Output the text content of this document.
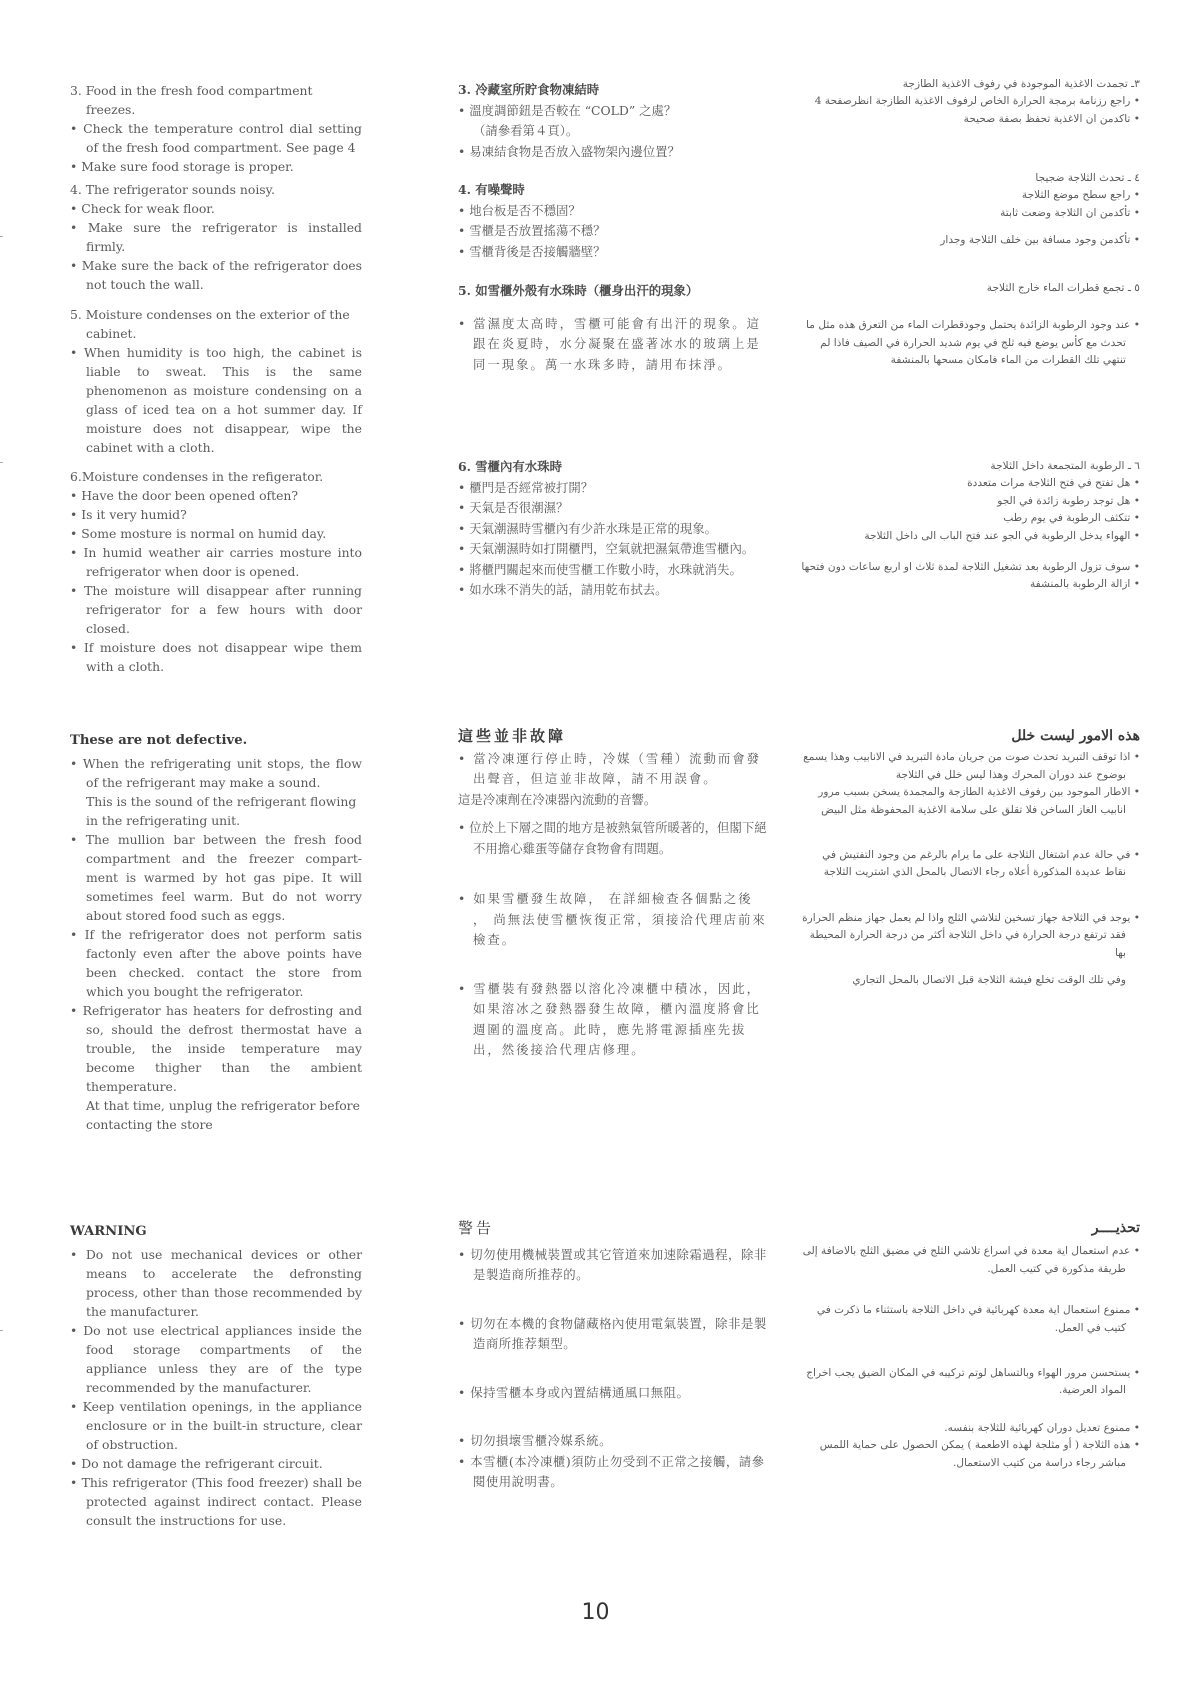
3. Food in the fresh food compartment freezes.

• Check the temperature control dial setting of the fresh food compartment. See page 4

• Make sure food storage is proper.

4. The refrigerator sounds noisy.

• Check for weak floor.

• Make sure the refrigerator is installed firmly.

• Make sure the back of the refrigerator does not touch the wall.

5. Moisture condenses on the exterior of the cabinet.

• When humidity is too high, the cabinet is liable to sweat. This is the same phenomenon as moisture condensing on a glass of iced tea on a hot summer day. If moisture does not disappear, wipe the cabinet with a cloth.

6.Moisture condenses in the refigerator.

• Have the door been opened often?

• Is it very humid?

• Some mosture is normal on humid day.

• In humid weather air carries mosture into refrigerator when door is opened.

• The moisture will disappear after running refrigerator for a few hours with door closed.

• If moisture does not disappear wipe them with a cloth.

These are not defective.

• When the refrigerating unit stops, the flow of the refrigerant may make a sound.

This is the sound of the refrigerant flowing in the refrigerating unit.

• The mullion bar between the fresh food compartment and the freezer compart-ment is warmed by hot gas pipe. It will sometimes feel warm. But do not worry about stored food such as eggs.

• If the refrigerator does not perform satis factonly even after the above points have been checked. contact the store from which you bought the refrigerator.

• Refrigerator has heaters for defrosting and so, should the defrost thermostat have a trouble, the inside temperature may become thigher than the ambient themperature.

At that time, unplug the refrigerator before contacting the store

WARNING

• Do not use mechanical devices or other means to accelerate the defronsting process, other than those recommended by the manufacturer.

• Do not use electrical appliances inside the food storage compartments of the appliance unless they are of the type recommended by the manufacturer.

• Keep ventilation openings, in the appliance enclosure or in the built-in structure, clear of obstruction.

• Do not damage the refrigerant circuit.

• This refrigerator (This food freezer) shall be protected against indirect contact. Please consult the instructions for use.

3. 冷藏室所貯食物凍結時

• 溫度調節鈕是否較在 “COLD” 之處？

（請參看第４頁）。

• 易凍結食物是否放入盛物架內邊位置？

4. 有噪聲時

• 地台板是否不穩固？

• 雪櫃是否放置搖蕩不穩？

• 雪櫃背後是否接觸牆壁？

5. 如雪櫃外殼有水珠時（櫃身出汗的現象）

• 當濕度太高時，雪櫃可能會有出汗的現象。這跟在炎夏時，水分凝聚在盛著冰水的玻璃上是同一現象。萬一水珠多時，請用布抹淨。

6. 雪櫃內有水珠時

• 櫃門是否經常被打開？

• 天氣是否很潮濕？

• 天氣潮濕時雪櫃內有少許水珠是正常的現象。

• 天氣潮濕時如打開櫃門，空氣就把濕氣帶進雪櫃內。

• 將櫃門關起來而使雪櫃工作數小時，水珠就消失。

• 如水珠不消失的話，請用乾布拭去。

這些並非故障

• 當冷凍運行停止時，冷媒（雪種）流動而會發出聲音，但這並非故障，請不用誤會。

這是冷凍劑在冷凍器內流動的音響。

• 位於上下層之間的地方是被熱氣管所暖著的，但閣下絕不用擔心雞蛋等儲存食物會有問題。

• 如果雪櫃發生故障， 在詳細檢查各個點之後 ， 尚無法使雪櫃恢復正常，須接洽代理店前來檢查。

• 雪櫃裝有發熱器以溶化冷凍櫃中積冰，因此，如果溶冰之發熱器發生故障，櫃內溫度將會比週圍的溫度高。此時，應先將電源插座先拔出，然後接洽代理店修理。

警告

• 切勿使用機械裝置或其它管道來加速除霜過程，除非是製造商所推荐的。

• 切勿在本機的食物儲藏格內使用電氣裝置，除非是製造商所推荐類型。

• 保持雪櫃本身或內置結構通風口無阻。

• 切勿損壞雪櫃冷媒系統。

• 本雪櫃(本冷凍櫃)須防止勿受到不正常之接觸，請參閱使用說明書。

٣ـ تجمدت الاغذية الموجودة في رفوف الاغذية الطازجة

• راجع رزنامة برمجة الحرارة الخاص لرفوف الاغذية الطازجة انظرصفحة 4

• تاكدمن ان الاغذية تحفظ بصفة صحيحة

٤ ـ تحدث الثلاجة ضجيجا

• راجع سطح موضع الثلاجة

• تأكدمن ان الثلاجة وضعت ثابتة

• تأكدمن وجود مسافة بين خلف الثلاجة وجدار

٥ ـ تجمع قطرات الماء خارج الثلاجة

• عند وجود الرطوبة الزائدة يحتمل وجودقطرات الماء من التعرق هذه مثل ما تحدث مع كأس يوضع فيه ثلج في يوم شديد الحرارة في الصيف فاذا لم تنتهي تلك القطرات من الماء فامكان مسحها بالمنشفة

٦ ـ الرطوبة المتجمعة داخل الثلاجة

• هل تفتح في فتح الثلاجة مرات متعددة

• هل توجد رطوبة زائدة في الجو

• تتكثف الرطوبة في يوم رطب

• الهواء يدخل الرطوبة في الجو عند فتح الباب الى داخل الثلاجة

• سوف تزول الرطوبة بعد تشغيل الثلاجة لمدة ثلاث او اربع ساعات دون فتحها

• ازالة الرطوبة بالمنشفة

هذه الامور ليست خلل

• اذا توقف التبريد تحدث صوت من جريان مادة التبريد في الانابيب وهذا يسمع بوضوح عند دوران المحرك وهذا ليس خلل في الثلاجة

• الاطار الموجود بين رفوف الاغذية الطازجة والمجمدة يسخن بسبب مرور انابيب الغاز الساخن فلا تقلق على سلامة الاغذية المحفوظة مثل البيض

• في حالة عدم اشتغال الثلاجة على ما يرام بالرغم من وجود التفتيش في نقاط عديدة المذكورة أعلاه رجاء الاتصال بالمحل الذي اشتريت الثلاجة

• يوجد في الثلاجة جهاز تسخين لتلاشي الثلج واذا لم يعمل جهاز منظم الحرارة فقد ترتفع درجة الحرارة في داخل الثلاجة أكثر من درجة الحرارة المحيطة بها

وفي تلك الوقت تخلع فيشة الثلاجة قبل الاتصال بالمحل التجاري

تحذيــــر

• عدم استعمال اية معدة في اسراع تلاشي الثلج في مضيق الثلج بالاضافة إلى طريقة مذكورة في كتيب العمل.

• ممنوع استعمال اية معدة كهربائية في داخل الثلاجة باستثناء ما ذكرت في كتيب في العمل.

• يستحسن مرور الهواء وبالتساهل لوتم تركيبه في المكان الضيق يجب اخراج المواد العرضية.

• ممنوع تعديل دوران كهربائية للثلاجة بنفسه.

• هذه الثلاجة ( أو مثلجة لهذه الاطعمة ) يمكن الحصول على حماية اللمس مباشر رجاء دراسة من كتيب الاستعمال.

10
